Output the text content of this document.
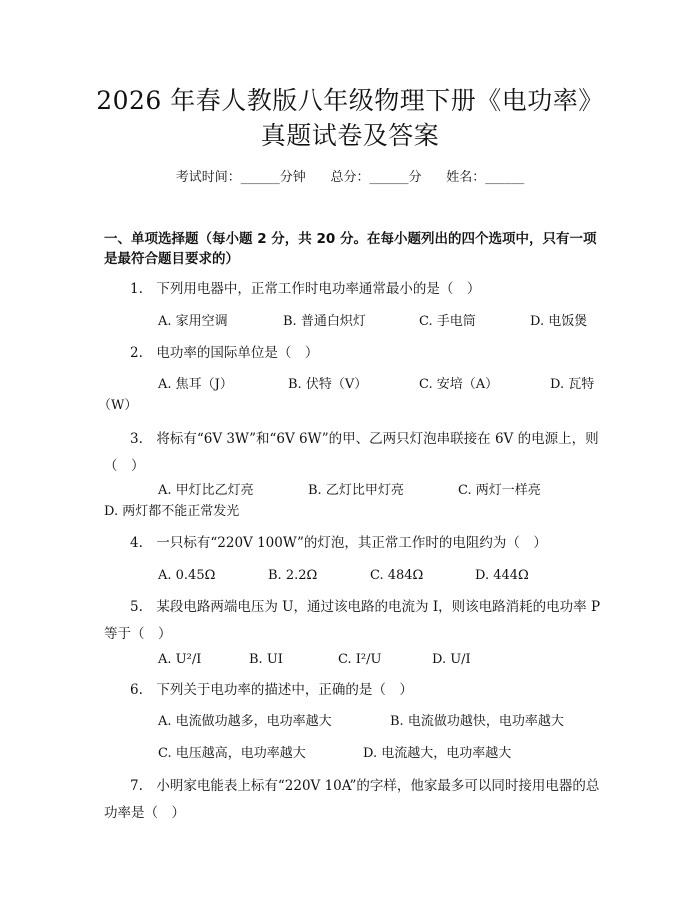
2026 年春人教版八年级物理下册《电功率》
真题试卷及答案
考试时间：______分钟      总分：______分      姓名：______
一、单项选择题（每小题 2 分，共 20 分。在每小题列出的四个选项中，只有一项
是最符合题目要求的）
1.　下列用电器中，正常工作时电功率通常最小的是（　）
A. 家用空调	B. 普通白炽灯	C. 手电筒	D. 电饭煲
2.　电功率的国际单位是（　）
A. 焦耳（J）	B. 伏特（V）	C. 安培（A）	D. 瓦特
（W）
3.　将标有“6V 3W”和“6V 6W”的甲、乙两只灯泡串联接在 6V 的电源上，则（　）
A. 甲灯比乙灯亮	B. 乙灯比甲灯亮	C. 两灯一样亮
D. 两灯都不能正常发光
4.　一只标有“220V 100W”的灯泡，其正常工作时的电阻约为（　）
A. 0.45Ω	B. 2.2Ω	C. 484Ω	D. 444Ω
5.　某段电路两端电压为 U，通过该电路的电流为 I，则该电路消耗的电功率 P 等于（　）
A. U²/I	B. UI	C. I²/U	D. U/I
6.　下列关于电功率的描述中，正确的是（　）
A. 电流做功越多，电功率越大	B. 电流做功越快，电功率越大
C. 电压越高，电功率越大	D. 电流越大，电功率越大
7.　小明家电能表上标有“220V 10A”的字样，他家最多可以同时接用电器的总功率是（　）
